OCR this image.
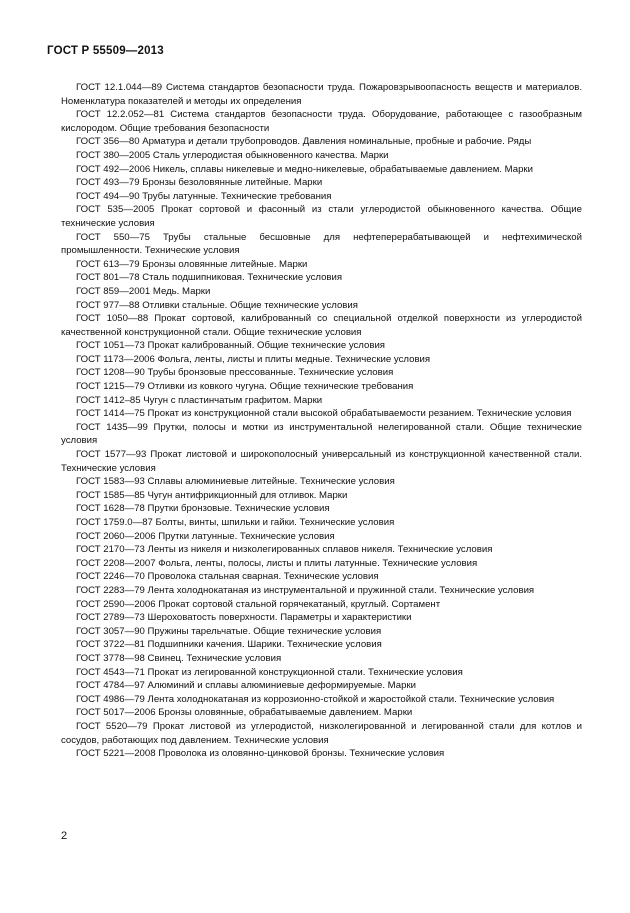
ГОСТ Р 55509—2013

ГОСТ 12.1.044—89 Система стандартов безопасности труда. Пожаровзрывоопасность веществ и материалов. Номенклатура показателей и методы их определения

ГОСТ 12.2.052—81 Система стандартов безопасности труда. Оборудование, работающее с газообразным кислородом. Общие требования безопасности

ГОСТ 356—80 Арматура и детали трубопроводов. Давления номинальные, пробные и рабочие. Ряды

ГОСТ 380—2005 Сталь углеродистая обыкновенного качества. Марки

ГОСТ 492—2006 Никель, сплавы никелевые и медно-никелевые, обрабатываемые давлением. Марки

ГОСТ 493—79 Бронзы безоловянные литейные. Марки

ГОСТ 494—90 Трубы латунные. Технические требования

ГОСТ 535—2005 Прокат сортовой и фасонный из стали углеродистой обыкновенного качества. Общие технические условия

ГОСТ 550—75 Трубы стальные бесшовные для нефтеперерабатывающей и нефтехимической промышленности. Технические условия

ГОСТ 613—79 Бронзы оловянные литейные. Марки

ГОСТ 801—78 Сталь подшипниковая. Технические условия

ГОСТ 859—2001 Медь. Марки

ГОСТ 977—88 Отливки стальные. Общие технические условия

ГОСТ 1050—88 Прокат сортовой, калиброванный со специальной отделкой поверхности из углеродистой качественной конструкционной стали. Общие технические условия

ГОСТ 1051—73 Прокат калиброванный. Общие технические условия

ГОСТ 1173—2006 Фольга, ленты, листы и плиты медные. Технические условия

ГОСТ 1208—90 Трубы бронзовые прессованные. Технические условия

ГОСТ 1215—79 Отливки из ковкого чугуна. Общие технические требования

ГОСТ 1412–85 Чугун с пластинчатым графитом. Марки

ГОСТ 1414—75 Прокат из конструкционной стали высокой обрабатываемости резанием. Технические условия

ГОСТ 1435—99 Прутки, полосы и мотки из инструментальной нелегированной стали. Общие технические условия

ГОСТ 1577—93 Прокат листовой и широкополосный универсальный из конструкционной качественной стали. Технические условия

ГОСТ 1583—93 Сплавы алюминиевые литейные. Технические условия

ГОСТ 1585—85 Чугун антифрикционный для отливок. Марки

ГОСТ 1628—78 Прутки бронзовые. Технические условия

ГОСТ 1759.0—87 Болты, винты, шпильки и гайки. Технические условия

ГОСТ 2060—2006 Прутки латунные. Технические условия

ГОСТ 2170—73 Ленты из никеля и низколегированных сплавов никеля. Технические условия

ГОСТ 2208—2007 Фольга, ленты, полосы, листы и плиты латунные. Технические условия

ГОСТ 2246—70 Проволока стальная сварная. Технические условия

ГОСТ 2283—79 Лента холоднокатаная из инструментальной и пружинной стали. Технические условия

ГОСТ 2590—2006 Прокат сортовой стальной горячекатаный, круглый. Сортамент

ГОСТ 2789—73 Шероховатость поверхности. Параметры и характеристики

ГОСТ 3057—90 Пружины тарельчатые. Общие технические условия

ГОСТ 3722—81 Подшипники качения. Шарики. Технические условия

ГОСТ 3778—98 Свинец. Технические условия

ГОСТ 4543—71 Прокат из легированной конструкционной стали. Технические условия

ГОСТ 4784—97 Алюминий и сплавы алюминиевые деформируемые. Марки

ГОСТ 4986—79 Лента холоднокатаная из коррозионно-стойкой и жаростойкой стали. Технические условия

ГОСТ 5017—2006 Бронзы оловянные, обрабатываемые давлением. Марки

ГОСТ 5520—79 Прокат листовой из углеродистой, низколегированной и легированной стали для котлов и сосудов, работающих под давлением. Технические условия

ГОСТ 5221—2008 Проволока из оловянно-цинковой бронзы. Технические условия

2
